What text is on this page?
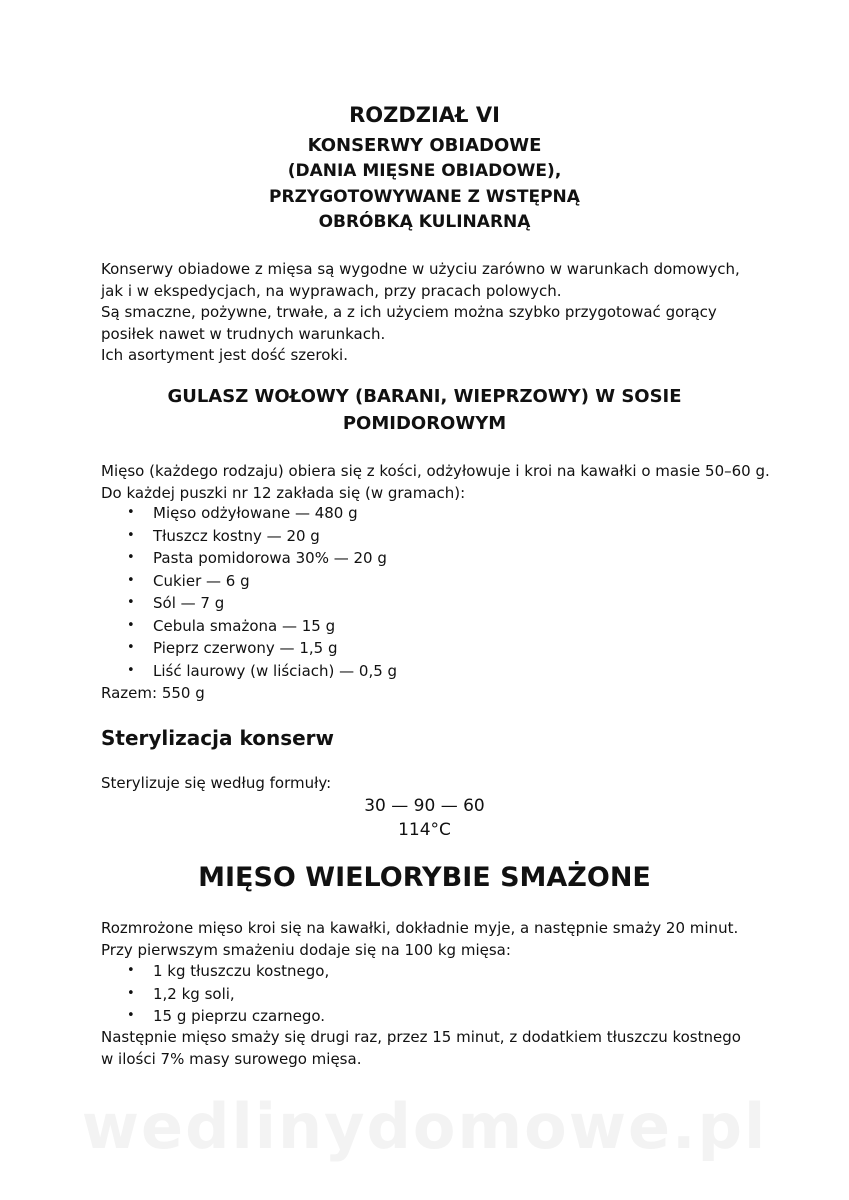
ROZDZIAŁ VI
KONSERWY OBIADOWE
(DANIA MIĘSNE OBIADOWE),
PRZYGOTOWYWANE Z WSTĘPNĄ
OBRÓBKĄ KULINARNĄ
Konserwy obiadowe z mięsa są wygodne w użyciu zarówno w warunkach domowych,
jak i w ekspedycjach, na wyprawach, przy pracach polowych.
Są smaczne, pożywne, trwałe, a z ich użyciem można szybko przygotować gorący
posiłek nawet w trudnych warunkach.
Ich asortyment jest dość szeroki.
GULASZ WOŁOWY (BARANI, WIEPRZOWY) W SOSIE
POMIDOROWYM
Mięso (każdego rodzaju) obiera się z kości, odżyłowuje i kroi na kawałki o masie 50–60 g.
Do każdej puszki nr 12 zakłada się (w gramach):
• Mięso odżyłowane — 480 g
• Tłuszcz kostny — 20 g
• Pasta pomidorowa 30% — 20 g
• Cukier — 6 g
• Sól — 7 g
• Cebula smażona — 15 g
• Pieprz czerwony — 1,5 g
• Liść laurowy (w liściach) — 0,5 g
Razem: 550 g
Sterylizacja konserw
Sterylizuje się według formuły:
30 — 90 — 60
114°C
MIĘSO WIELORYBIE SMAŻONE
Rozmrożone mięso kroi się na kawałki, dokładnie myje, a następnie smaży 20 minut.
Przy pierwszym smażeniu dodaje się na 100 kg mięsa:
• 1 kg tłuszczu kostnego,
• 1,2 kg soli,
• 15 g pieprzu czarnego.
Następnie mięso smaży się drugi raz, przez 15 minut, z dodatkiem tłuszczu kostnego
w ilości 7% masy surowego mięsa.
wedlinydomowe.pl
